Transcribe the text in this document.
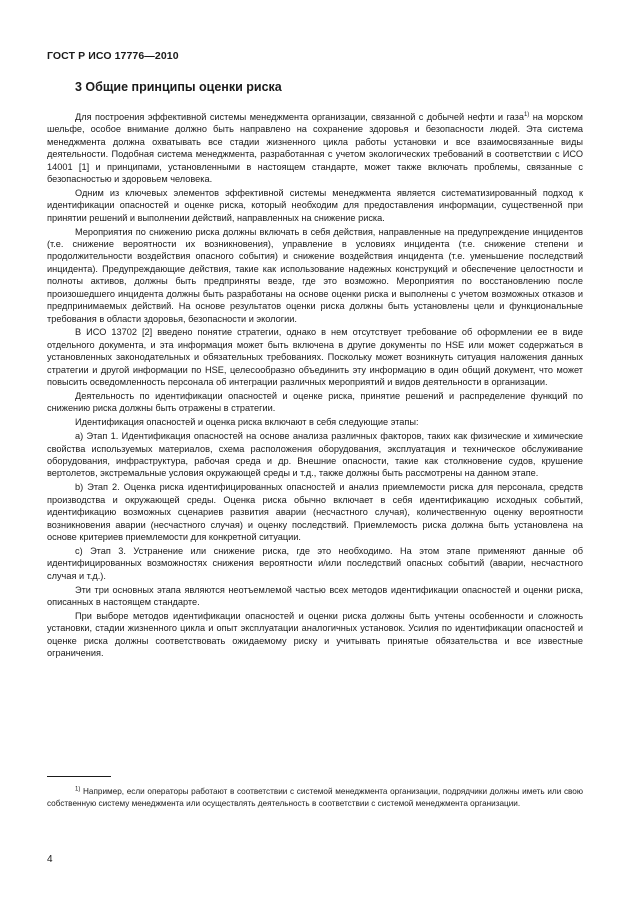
ГОСТ Р ИСО 17776—2010
3 Общие принципы оценки риска

Для построения эффективной системы менеджмента организации, связанной с добычей нефти и газа$^{1)}$ на морском шельфе, особое внимание должно быть направлено на сохранение здоровья и безопасности людей. Эта система менеджмента должна охватывать все стадии жизненного цикла работы установки и все взаимосвязанные виды деятельности. Подобная система менеджмента, разработанная с учетом экологических требований в соответствии с ИСО 14001 [1] и принципами, установленными в настоящем стандарте, может также включать проблемы, связанные с безопасностью и здоровьем человека.

Одним из ключевых элементов эффективной системы менеджмента является систематизированный подход к идентификации опасностей и оценке риска, который необходим для предоставления информации, существенной при принятии решений и выполнении действий, направленных на снижение риска.

Мероприятия по снижению риска должны включать в себя действия, направленные на предупреждение инцидентов (т.е. снижение вероятности их возникновения), управление в условиях инцидента (т.е. снижение степени и продолжительности воздействия опасного события) и снижение воздействия инцидента (т.е. уменьшение последствий инцидента). Предупреждающие действия, такие как использование надежных конструкций и обеспечение целостности и полноты активов, должны быть предприняты везде, где это возможно. Мероприятия по восстановлению после произошедшего инцидента должны быть разработаны на основе оценки риска и выполнены с учетом возможных отказов и предпринимаемых действий. На основе результатов оценки риска должны быть установлены цели и функциональные требования в области здоровья, безопасности и экологии.

В ИСО 13702 [2] введено понятие стратегии, однако в нем отсутствует требование об оформлении ее в виде отдельного документа, и эта информация может быть включена в другие документы по HSE или может содержаться в установленных законодательных и обязательных требованиях. Поскольку может возникнуть ситуация наложения данных стратегии и другой информации по HSE, целесообразно объединить эту информацию в один общий документ, что может повысить осведомленность персонала об интеграции различных мероприятий и видов деятельности в организации.

Деятельность по идентификации опасностей и оценке риска, принятие решений и распределение функций по снижению риска должны быть отражены в стратегии.

Идентификация опасностей и оценка риска включают в себя следующие этапы:

а) Этап 1. Идентификация опасностей на основе анализа различных факторов, таких как физические и химические свойства используемых материалов, схема расположения оборудования, эксплуатация и техническое обслуживание оборудования, инфраструктура, рабочая среда и др. Внешние опасности, такие как столкновение судов, крушение вертолетов, экстремальные условия окружающей среды и т.д., также должны быть рассмотрены на данном этапе.

b) Этап 2. Оценка риска идентифицированных опасностей и анализ приемлемости риска для персонала, средств производства и окружающей среды. Оценка риска обычно включает в себя идентификацию исходных событий, идентификацию возможных сценариев развития аварии (несчастного случая), количественную оценку вероятности возникновения аварии (несчастного случая) и оценку последствий. Приемлемость риска должна быть установлена на основе критериев приемлемости для конкретной ситуации.

с) Этап 3. Устранение или снижение риска, где это необходимо. На этом этапе применяют данные об идентифицированных возможностях снижения вероятности и/или последствий опасных событий (аварии, несчастного случая и т.д.).

Эти три основных этапа являются неотъемлемой частью всех методов идентификации опасностей и оценки риска, описанных в настоящем стандарте.

При выборе методов идентификации опасностей и оценки риска должны быть учтены особенности и сложность установки, стадии жизненного цикла и опыт эксплуатации аналогичных установок. Усилия по идентификации опасностей и оценке риска должны соответствовать ожидаемому риску и учитывать принятые обязательства и все известные ограничения.

$^{1)}$ Например, если операторы работают в соответствии с системой менеджмента организации, подрядчики должны иметь или свою собственную систему менеджмента или осуществлять деятельность в соответствии с системой менеджмента организации.
4
